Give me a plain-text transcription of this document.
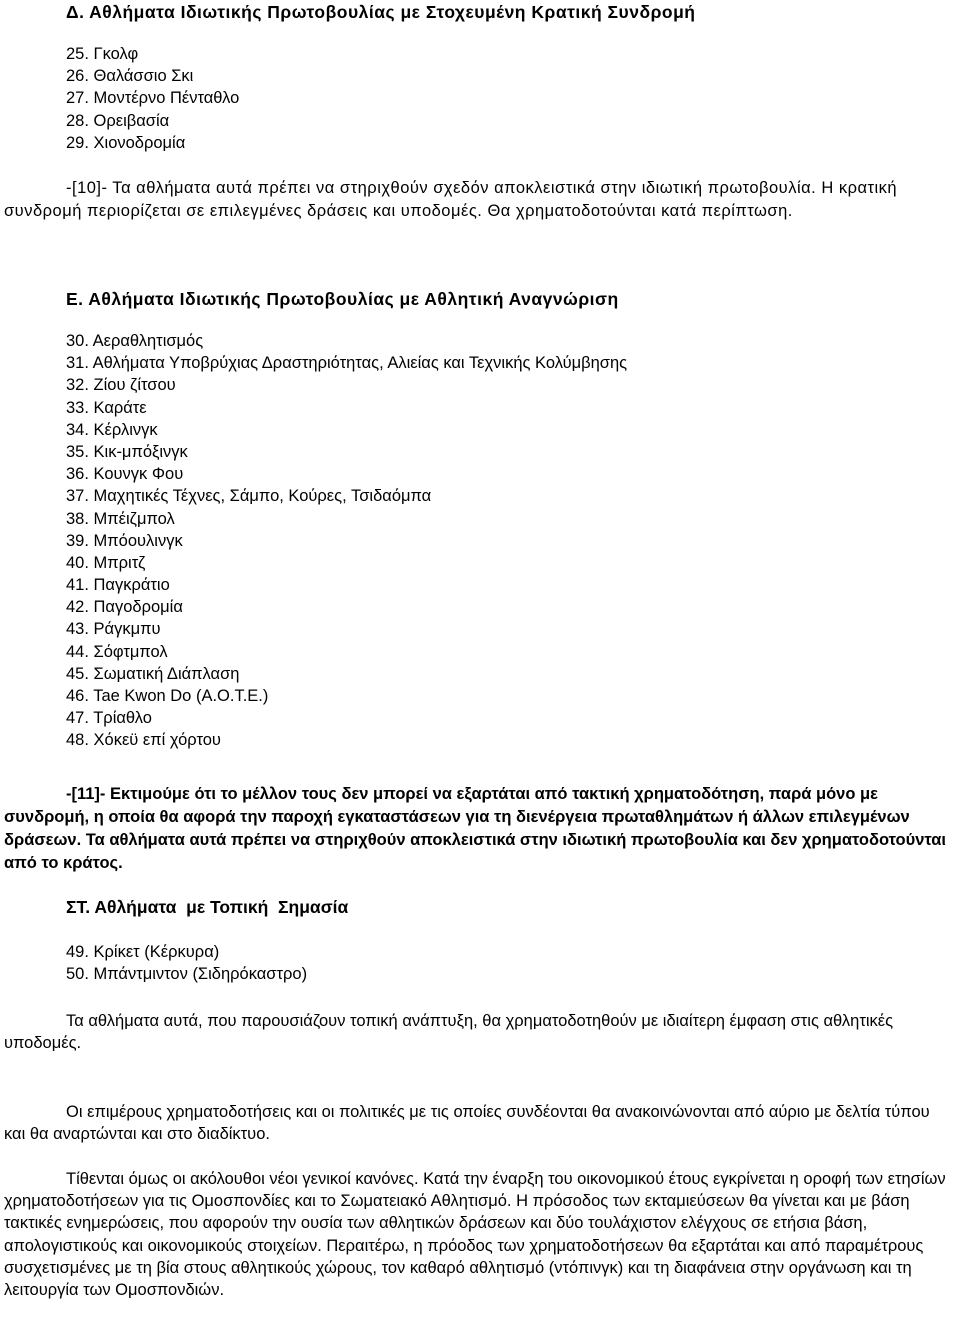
Δ. Αθλήματα Ιδιωτικής Πρωτοβουλίας με Στοχευμένη Κρατική Συνδρομή
25. Γκολφ
26. Θαλάσσιο Σκι
27. Μοντέρνο Πένταθλο
28. Ορειβασία
29. Χιονοδρομία

-[10]- Τα αθλήματα αυτά πρέπει να στηριχθούν σχεδόν αποκλειστικά στην ιδιωτική πρωτοβουλία. Η κρατική συνδρομή περιορίζεται σε επιλεγμένες δράσεις και υποδομές. Θα χρηματοδοτούνται κατά περίπτωση.

Ε. Αθλήματα Ιδιωτικής Πρωτοβουλίας με Αθλητική Αναγνώριση
30. Αεραθλητισμός
31. Αθλήματα Υποβρύχιας Δραστηριότητας, Αλιείας και Τεχνικής Κολύμβησης
32. Ζίου ζίτσου
33. Καράτε
34. Κέρλινγκ
35. Κικ-μπόξινγκ
36. Κουνγκ Φου
37. Μαχητικές Τέχνες, Σάμπο, Κούρες, Τσιδαόμπα
38. Μπέιζμπολ
39. Μπόουλινγκ
40. Μπριτζ
41. Παγκράτιο
42. Παγοδρομία
43. Ράγκμπυ
44. Σόφτμπολ
45. Σωματική Διάπλαση
46. Tae Kwon Do (Α.Ο.Τ.Ε.)
47. Τρίαθλο
48. Χόκεϋ επί χόρτου

-[11]- Εκτιμούμε ότι το μέλλον τους δεν μπορεί να εξαρτάται από τακτική χρηματοδότηση, παρά μόνο με συνδρομή, η οποία θα αφορά την παροχή εγκαταστάσεων για τη διενέργεια πρωταθλημάτων ή άλλων επιλεγμένων δράσεων. Τα αθλήματα αυτά πρέπει να στηριχθούν αποκλειστικά στην ιδιωτική πρωτοβουλία και δεν χρηματοδοτούνται από το κράτος.

ΣΤ. Αθλήματα  με Τοπική  Σημασία
49. Κρίκετ (Κέρκυρα)
50. Μπάντμιντον (Σιδηρόκαστρο)

Τα αθλήματα αυτά, που παρουσιάζουν τοπική ανάπτυξη, θα χρηματοδοτηθούν με ιδιαίτερη έμφαση στις αθλητικές υποδομές.

Οι επιμέρους χρηματοδοτήσεις και οι πολιτικές με τις οποίες συνδέονται θα ανακοινώνονται από αύριο με δελτία τύπου και θα αναρτώνται και στο διαδίκτυο.

Τίθενται όμως οι ακόλουθοι νέοι γενικοί κανόνες. Κατά την έναρξη του οικονομικού έτους εγκρίνεται η οροφή των ετησίων χρηματοδοτήσεων για τις Ομοσπονδίες και το Σωματειακό Αθλητισμό. Η πρόσοδος των εκταμιεύσεων θα γίνεται και με βάση τακτικές ενημερώσεις, που αφορούν την ουσία των αθλητικών δράσεων και δύο τουλάχιστον ελέγχους σε ετήσια βάση, απολογιστικούς και οικονομικούς στοιχείων. Περαιτέρω, η πρόοδος των χρηματοδοτήσεων θα εξαρτάται και από παραμέτρους συσχετισμένες με τη βία στους αθλητικούς χώρους, τον καθαρό αθλητισμό (ντόπινγκ) και τη διαφάνεια στην οργάνωση και τη λειτουργία των Ομοσπονδιών.
